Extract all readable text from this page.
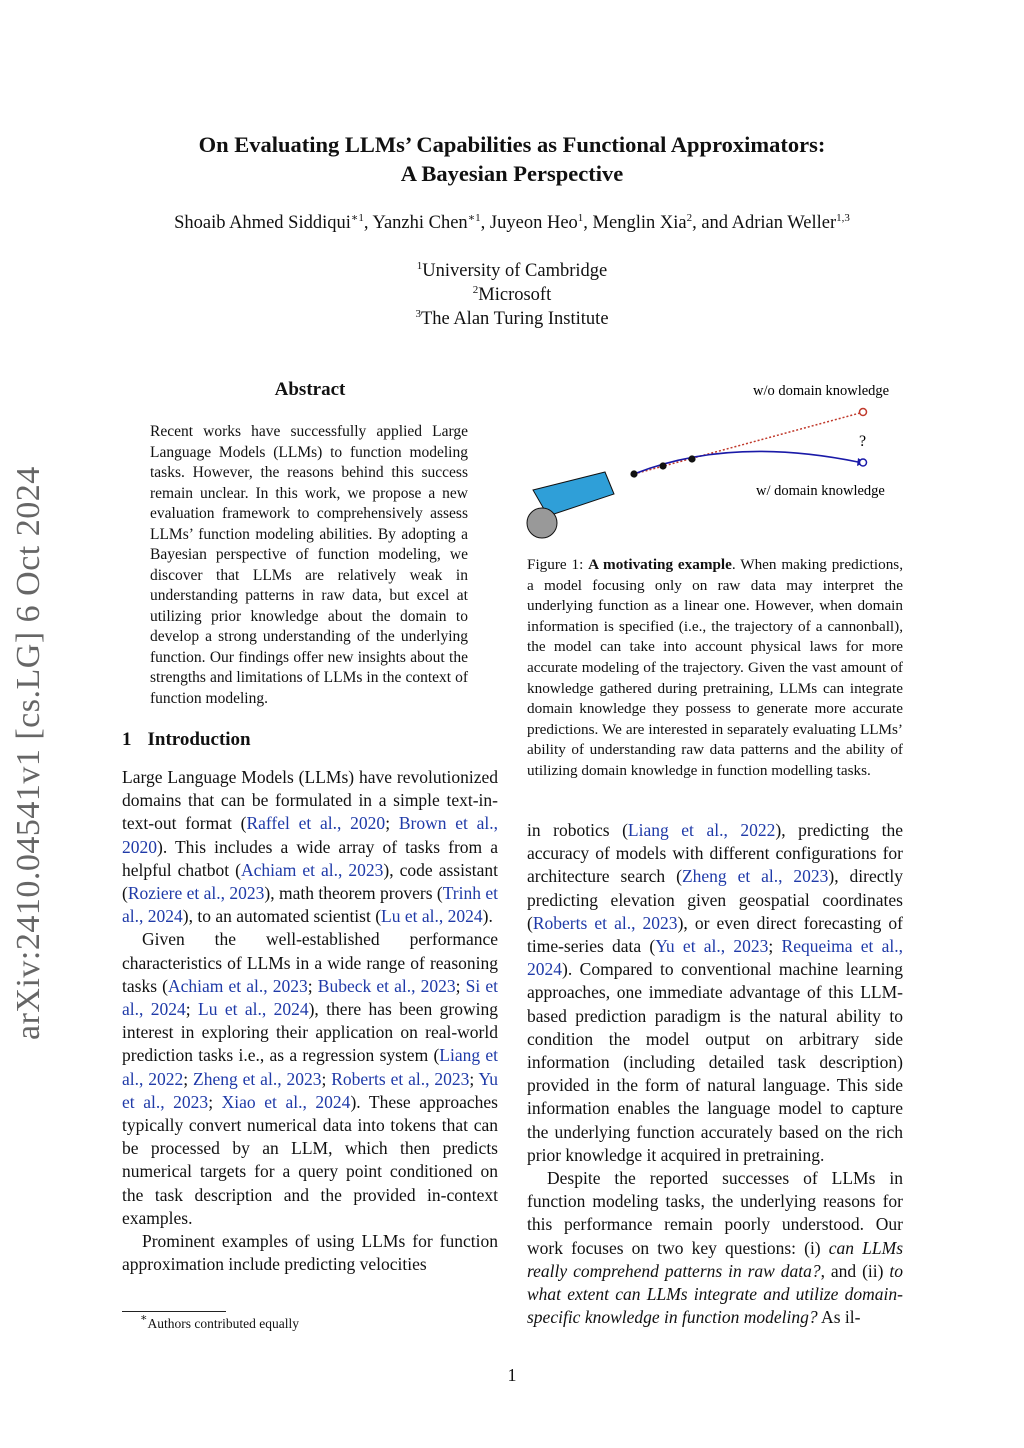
On Evaluating LLMs’ Capabilities as Functional Approximators:
A Bayesian Perspective
Shoaib Ahmed Siddiqui$^{∗1}$, Yanzhi Chen$^{∗1}$, Juyeon Heo$^1$, Menglin Xia$^2$, and Adrian Weller$^{1,3}$
$^1$University of Cambridge
$^2$Microsoft
$^3$The Alan Turing Institute
arXiv:2410.04541v1 [cs.LG] 6 Oct 2024
Abstract
Recent works have successfully applied Large Language Models (LLMs) to function modeling tasks. However, the reasons behind this success remain unclear. In this work, we propose a new evaluation framework to comprehensively assess LLMs’ function modeling abilities. By adopting a Bayesian perspective of function modeling, we discover that LLMs are relatively weak in understanding patterns in raw data, but excel at utilizing prior knowledge about the domain to develop a strong understanding of the underlying function. Our findings offer new insights about the strengths and limitations of LLMs in the context of function modeling.
1 Introduction

Large Language Models (LLMs) have revolutionized domains that can be formulated in a simple text-in-text-out format (Raffel et al., 2020; Brown et al., 2020). This includes a wide array of tasks from a helpful chatbot (Achiam et al., 2023), code assistant (Roziere et al., 2023), math theorem provers (Trinh et al., 2024), to an automated scientist (Lu et al., 2024).

Given the well-established performance characteristics of LLMs in a wide range of reasoning tasks (Achiam et al., 2023; Bubeck et al., 2023; Si et al., 2024; Lu et al., 2024), there has been growing interest in exploring their application on real-world prediction tasks i.e., as a regression system (Liang et al., 2022; Zheng et al., 2023; Roberts et al., 2023; Yu et al., 2023; Xiao et al., 2024). These approaches typically convert numerical data into tokens that can be processed by an LLM, which then predicts numerical targets for a query point conditioned on the task description and the provided in-context examples.

Prominent examples of using LLMs for function approximation include predicting velocities

w/o domain knowledge
w/ domain knowledge
?
Figure 1: A motivating example. When making predictions, a model focusing only on raw data may interpret the underlying function as a linear one. However, when domain information is specified (i.e., the trajectory of a cannonball), the model can take into account physical laws for more accurate modeling of the trajectory. Given the vast amount of knowledge gathered during pretraining, LLMs can integrate domain knowledge they possess to generate more accurate predictions. We are interested in separately evaluating LLMs’ ability of understanding raw data patterns and the ability of utilizing domain knowledge in function modelling tasks.

in robotics (Liang et al., 2022), predicting the accuracy of models with different configurations for architecture search (Zheng et al., 2023), directly predicting elevation given geospatial coordinates (Roberts et al., 2023), or even direct forecasting of time-series data (Yu et al., 2023; Requeima et al., 2024). Compared to conventional machine learning approaches, one immediate advantage of this LLM-based prediction paradigm is the natural ability to condition the model output on arbitrary side information (including detailed task description) provided in the form of natural language. This side information enables the language model to capture the underlying function accurately based on the rich prior knowledge it acquired in pretraining.

Despite the reported successes of LLMs in function modeling tasks, the underlying reasons for this performance remain poorly understood. Our work focuses on two key questions: (i) can LLMs really comprehend patterns in raw data?, and (ii) to what extent can LLMs integrate and utilize domain-specific knowledge in function modeling? As il-

∗Authors contributed equally
1
